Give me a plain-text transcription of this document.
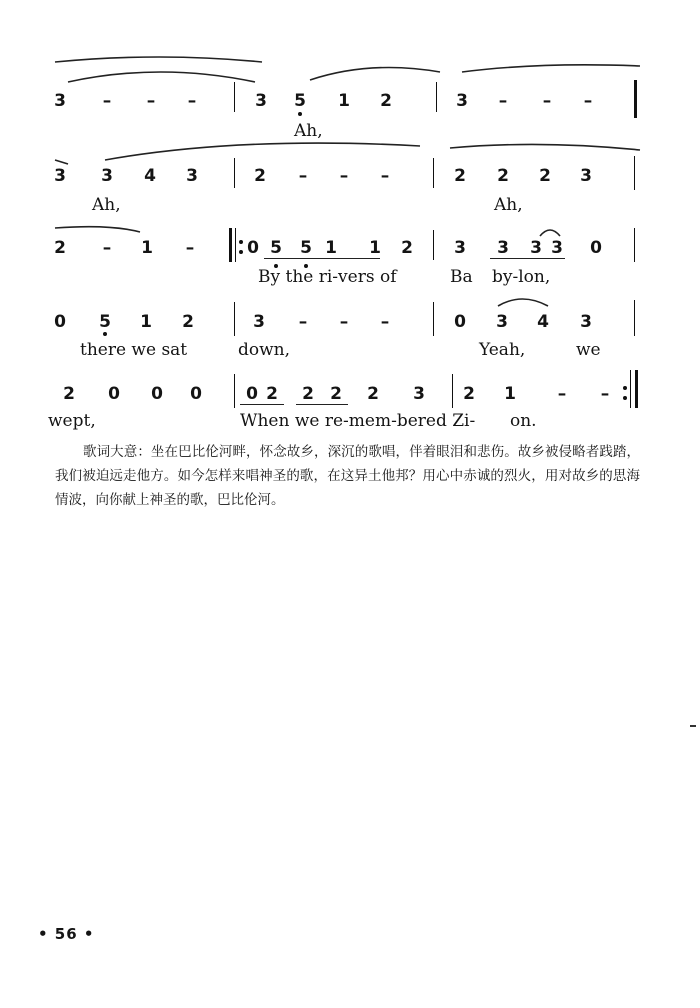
3	–	–	–	3 5 1 2	3	–	–	–
Ah,
3 3 4 3	2	–	–	–	2 2 2 3
Ah,	Ah,
2	–	1	–	0 5 5 1 1 2 3 3 3 3 0
By the ri-vers of	Ba by-lon,
0 5 1 2	3	–	–	–	0 3 4 3
there we sat	down,	Yeah,	we
2 0 0 0	0 2 2 2 2 3 2 1	–	–
wept,	When we re-mem-bered Zi- on.

歌词大意：坐在巴比伦河畔，怀念故乡，深沉的歌唱，伴着眼泪和悲伤。故乡被侵略者践踏，我们被迫远走他方。如今怎样来唱神圣的歌，在这异土他邦？用心中赤诚的烈火，用对故乡的思海情波，向你献上神圣的歌，巴比伦河。

• 56 •
